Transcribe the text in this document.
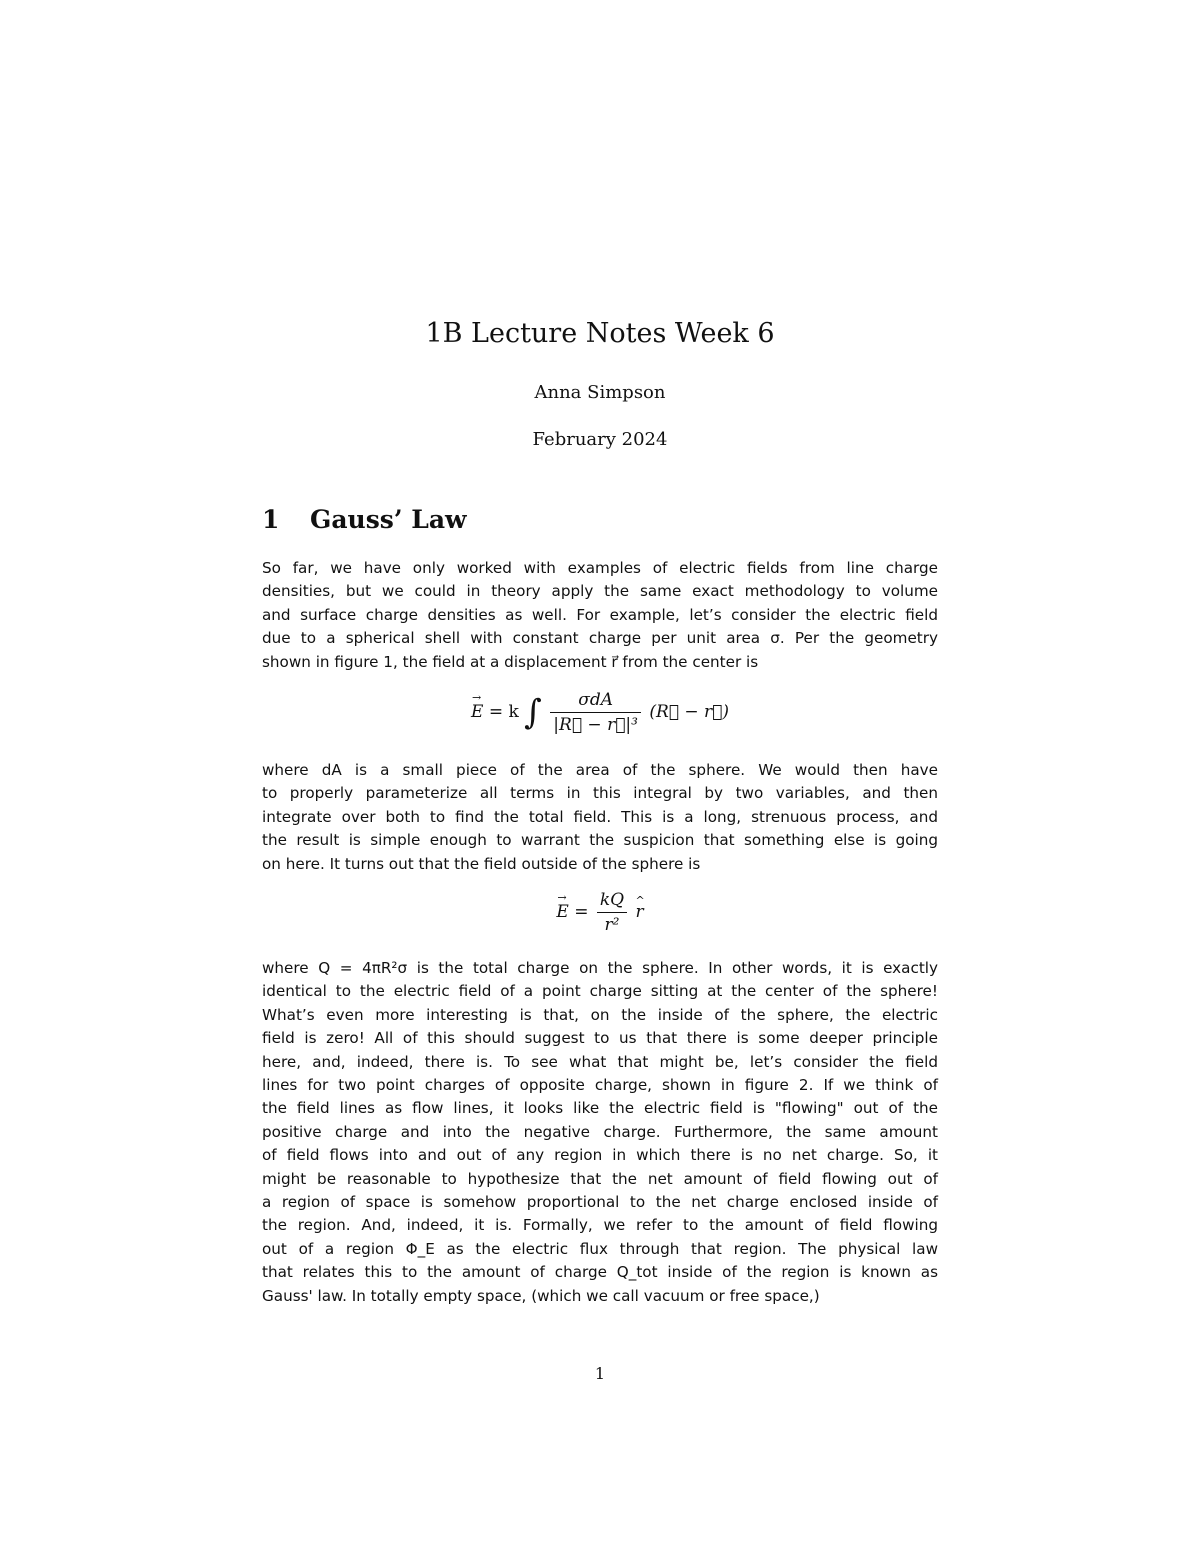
1B Lecture Notes Week 6
Anna Simpson
February 2024
1 Gauss’ Law
So far, we have only worked with examples of electric fields from line charge
densities, but we could in theory apply the same exact methodology to volume
and surface charge densities as well. For example, let’s consider the electric field
due to a spherical shell with constant charge per unit area σ. Per the geometry
shown in figure 1, the field at a displacement r⃗ from the center is
E → = k ∫ $\frac{\text{σdA}}{\text{|R⃗ − r⃗|³}}$ (R⃗ − r⃗)
where dA is a small piece of the area of the sphere. We would then have
to properly parameterize all terms in this integral by two variables, and then
integrate over both to find the total field. This is a long, strenuous process, and
the result is simple enough to warrant the suspicion that something else is going
on here. It turns out that the field outside of the sphere is
E → = $\frac{kQ}{\text{r²}}$ r ^
where Q = 4πR²σ is the total charge on the sphere. In other words, it is exactly
identical to the electric field of a point charge sitting at the center of the sphere!
What’s even more interesting is that, on the inside of the sphere, the electric
field is zero! All of this should suggest to us that there is some deeper principle
here, and, indeed, there is. To see what that might be, let’s consider the field
lines for two point charges of opposite charge, shown in figure 2. If we think of
the field lines as flow lines, it looks like the electric field is "flowing" out of the
positive charge and into the negative charge. Furthermore, the same amount
of field flows into and out of any region in which there is no net charge. So, it
might be reasonable to hypothesize that the net amount of field flowing out of
a region of space is somehow proportional to the net charge enclosed inside of
the region. And, indeed, it is. Formally, we refer to the amount of field flowing
out of a region Φ_E as the electric flux through that region. The physical law
that relates this to the amount of charge Q_tot inside of the region is known as
Gauss' law. In totally empty space, (which we call vacuum or free space,)
1
